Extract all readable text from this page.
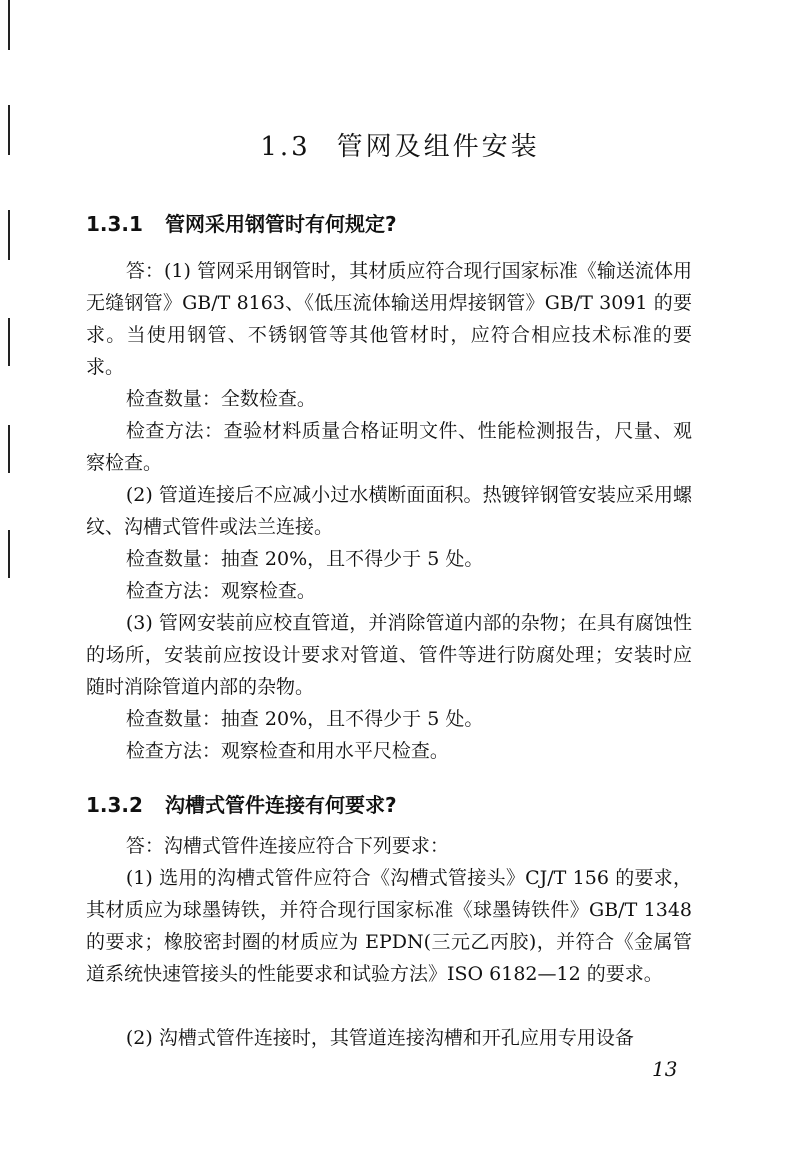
1.3 管网及组件安装
1.3.1 管网采用钢管时有何规定?

答：(1) 管网采用钢管时，其材质应符合现行国家标准《输送流体用无缝钢管》GB/T 8163、《低压流体输送用焊接钢管》GB/T 3091 的要求。当使用钢管、不锈钢管等其他管材时，应符合相应技术标准的要求。

检查数量：全数检查。

检查方法：查验材料质量合格证明文件、性能检测报告，尺量、观察检查。

(2) 管道连接后不应减小过水横断面面积。热镀锌钢管安装应采用螺纹、沟槽式管件或法兰连接。

检查数量：抽查 20%，且不得少于 5 处。

检查方法：观察检查。

(3) 管网安装前应校直管道，并消除管道内部的杂物；在具有腐蚀性的场所，安装前应按设计要求对管道、管件等进行防腐处理；安装时应随时消除管道内部的杂物。

检查数量：抽查 20%，且不得少于 5 处。

检查方法：观察检查和用水平尺检查。

1.3.2 沟槽式管件连接有何要求?

答：沟槽式管件连接应符合下列要求：

(1) 选用的沟槽式管件应符合《沟槽式管接头》CJ/T 156 的要求，其材质应为球墨铸铁，并符合现行国家标准《球墨铸铁件》GB/T 1348 的要求；橡胶密封圈的材质应为 EPDN(三元乙丙胶)，并符合《金属管道系统快速管接头的性能要求和试验方法》ISO 6182—12 的要求。

(2) 沟槽式管件连接时，其管道连接沟槽和开孔应用专用设备

13
